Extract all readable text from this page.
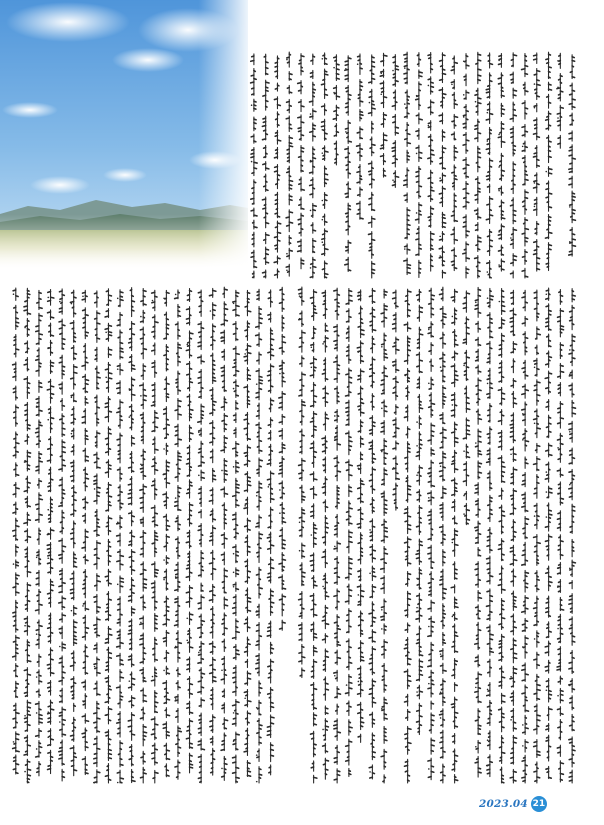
2023.04 21
